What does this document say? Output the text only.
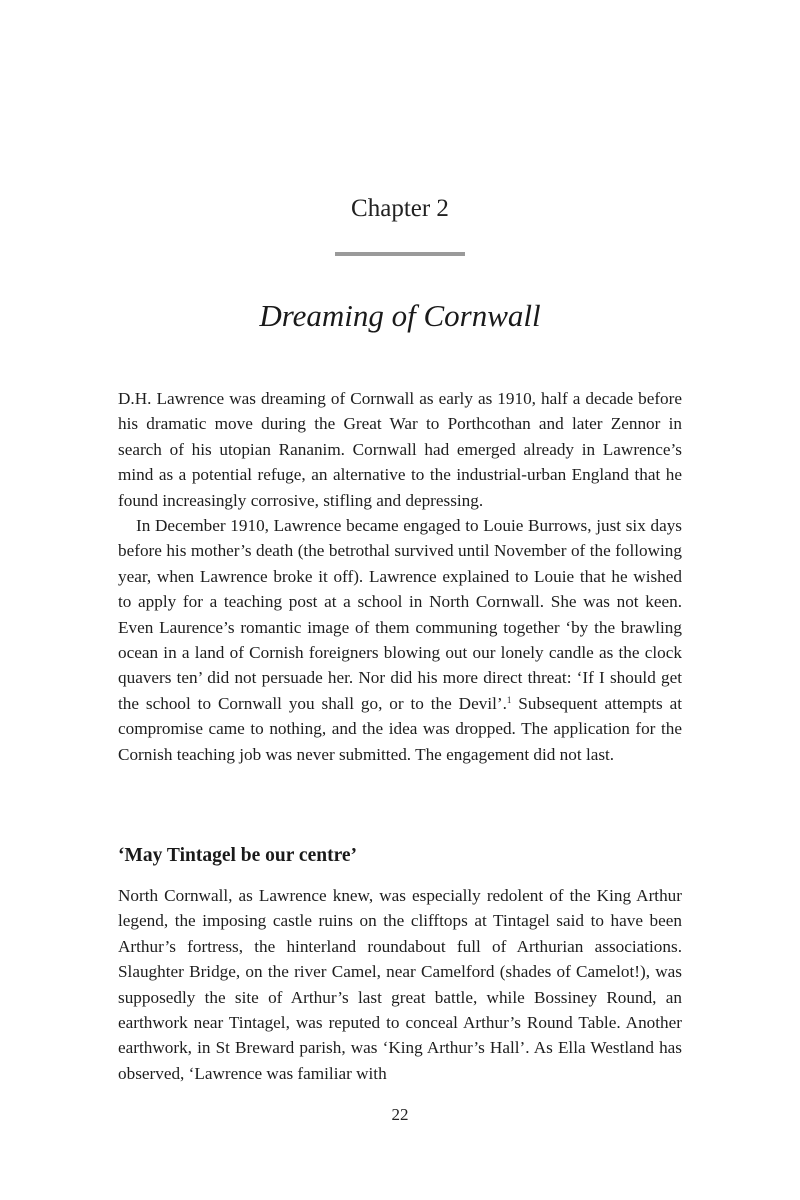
Chapter 2
Dreaming of Cornwall

D.H. Lawrence was dreaming of Cornwall as early as 1910, half a decade before his dramatic move during the Great War to Porthcothan and later Zennor in search of his utopian Rananim. Cornwall had emerged already in Lawrence’s mind as a potential refuge, an alternative to the industrial-urban England that he found increasingly corrosive, stifling and depressing.

In December 1910, Lawrence became engaged to Louie Burrows, just six days before his mother’s death (the betrothal survived until November of the following year, when Lawrence broke it off). Lawrence explained to Louie that he wished to apply for a teaching post at a school in North Cornwall. She was not keen. Even Laurence’s romantic image of them communing together ‘by the brawling ocean in a land of Cornish foreigners blowing out our lonely candle as the clock quavers ten’ did not persuade her. Nor did his more direct threat: ‘If I should get the school to Cornwall you shall go, or to the Devil’.$^1$ Subsequent attempts at compromise came to nothing, and the idea was dropped. The application for the Cornish teaching job was never submitted. The engagement did not last.

‘May Tintagel be our centre’

North Cornwall, as Lawrence knew, was especially redolent of the King Arthur legend, the imposing castle ruins on the clifftops at Tintagel said to have been Arthur’s fortress, the hinterland roundabout full of Arthurian associations. Slaughter Bridge, on the river Camel, near Camelford (shades of Camelot!), was supposedly the site of Arthur’s last great battle, while Bossiney Round, an earthwork near Tintagel, was reputed to conceal Arthur’s Round Table. Another earthwork, in St Breward parish, was ‘King Arthur’s Hall’. As Ella Westland has observed, ‘Lawrence was familiar with

22
